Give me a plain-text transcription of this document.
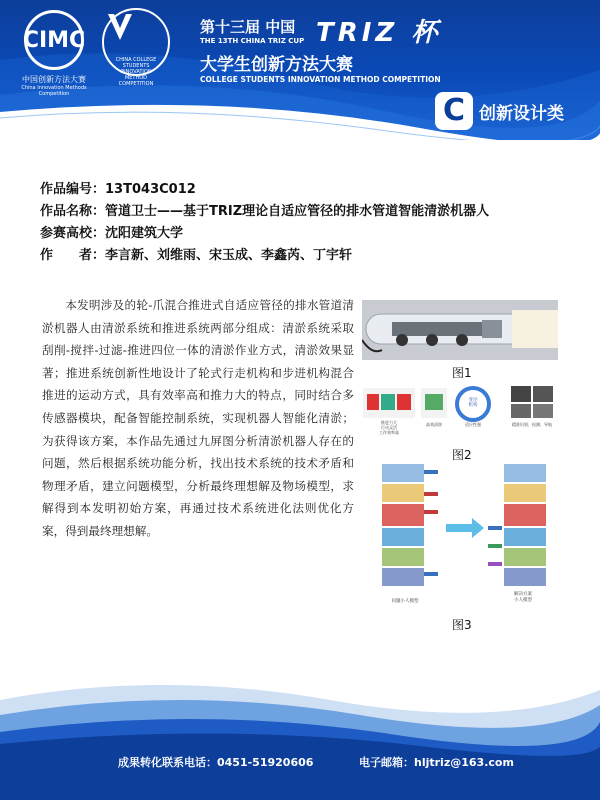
CIMC
中国创新方法大赛
China Innovation Methods Competition
CHINA COLLEGE STUDENTS INNOVATION METHOD COMPETITION
第十三届 中国 TRIZ 杯
THE 13TH CHINA TRIZ CUP
大学生创新方法大赛
COLLEGE STUDENTS INNOVATION METHOD COMPETITION
C 创新设计类
作品编号：13T043C012
作品名称：管道卫士——基于TRIZ理论自适应管径的排水管道智能清淤机器人
参赛高校：沈阳建筑大学
作　　者：李言新、刘维雨、宋玉成、李鑫芮、丁宇轩
本发明涉及的轮-爪混合推进式自适应管径的排水管道清淤机器人由清淤系统和推进系统两部分组成：清淤系统采取刮削-搅拌-过滤-推进四位一体的清淤作业方式，清淤效果显著；推进系统创新性地设计了轮式行走机构和步进机构混合推进的运动方式，具有效率高和推力大的特点，同时结合多传感器模块，配备智能控制系统，实现机器人智能化清淤；为获得该方案，本作品先通过九屏图分析清淤机器人存在的问题，然后根据系统功能分析，找出技术系统的技术矛盾和物理矛盾，建立问题模型，分析最终理想解及物场模型，求解得到本发明初始方案，再通过技术系统进化法则优化方案，得到最终理想解。
图1
推进力大
行动灵活
工作效率高
高效清淤
变径
机构
适应性强	精准识别、检测、导航
图2
问题小人模型
解决方案
小人模型
图3
成果转化联系电话：0451-51920606	电子邮箱：hljtriz@163.com
